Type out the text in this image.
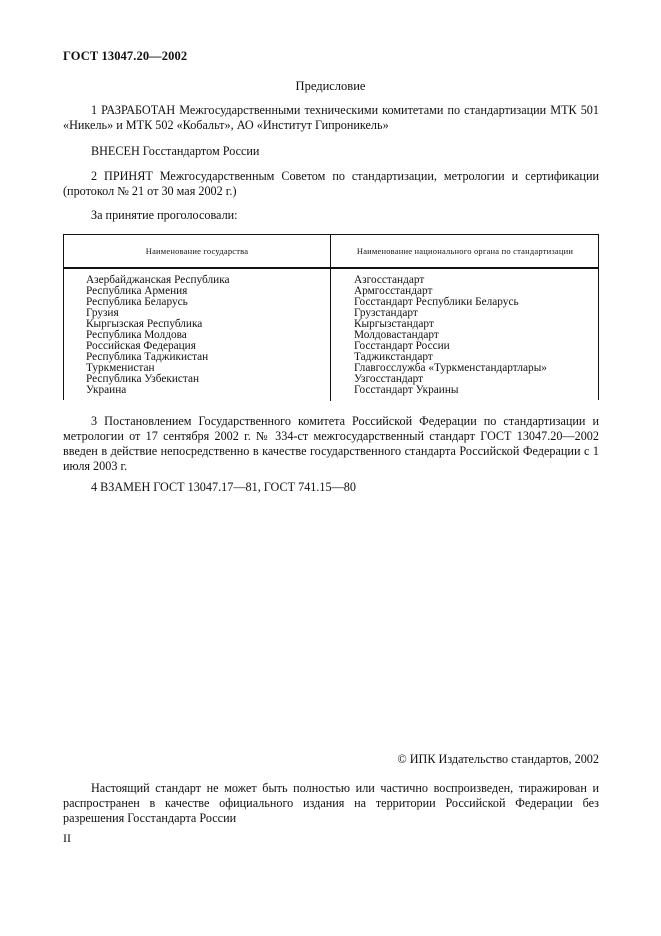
ГОСТ 13047.20—2002
Предисловие
1 РАЗРАБОТАН Межгосударственными техническими комитетами по стандартизации МТК 501 «Никель» и МТК 502 «Кобальт», АО «Институт Гипроникель»
ВНЕСЕН Госстандартом России
2 ПРИНЯТ Межгосударственным Советом по стандартизации, метрологии и сертификации (протокол № 21 от 30 мая 2002 г.)
За принятие проголосовали:
Наименование государства	Наименование национального органа по стандартизации
Азербайджанская Республика
Республика Армения
Республика Беларусь
Грузия
Кыргызская Республика
Республика Молдова
Российская Федерация
Республика Таджикистан
Туркменистан
Республика Узбекистан
Украина
Азгосстандарт
Армгосстандарт
Госстандарт Республики Беларусь
Грузстандарт
Кыргызстандарт
Молдовастандарт
Госстандарт России
Таджикстандарт
Главгосслужба «Туркменстандартлары»
Узгосстандарт
Госстандарт Украины
3 Постановлением Государственного комитета Российской Федерации по стандартизации и метрологии от 17 сентября 2002 г. № 334-ст межгосударственный стандарт ГОСТ 13047.20—2002 введен в действие непосредственно в качестве государственного стандарта Российской Федерации с 1 июля 2003 г.
4 ВЗАМЕН ГОСТ 13047.17—81, ГОСТ 741.15—80
© ИПК Издательство стандартов, 2002
Настоящий стандарт не может быть полностью или частично воспроизведен, тиражирован и распространен в качестве официального издания на территории Российской Федерации без разрешения Госстандарта России
II
